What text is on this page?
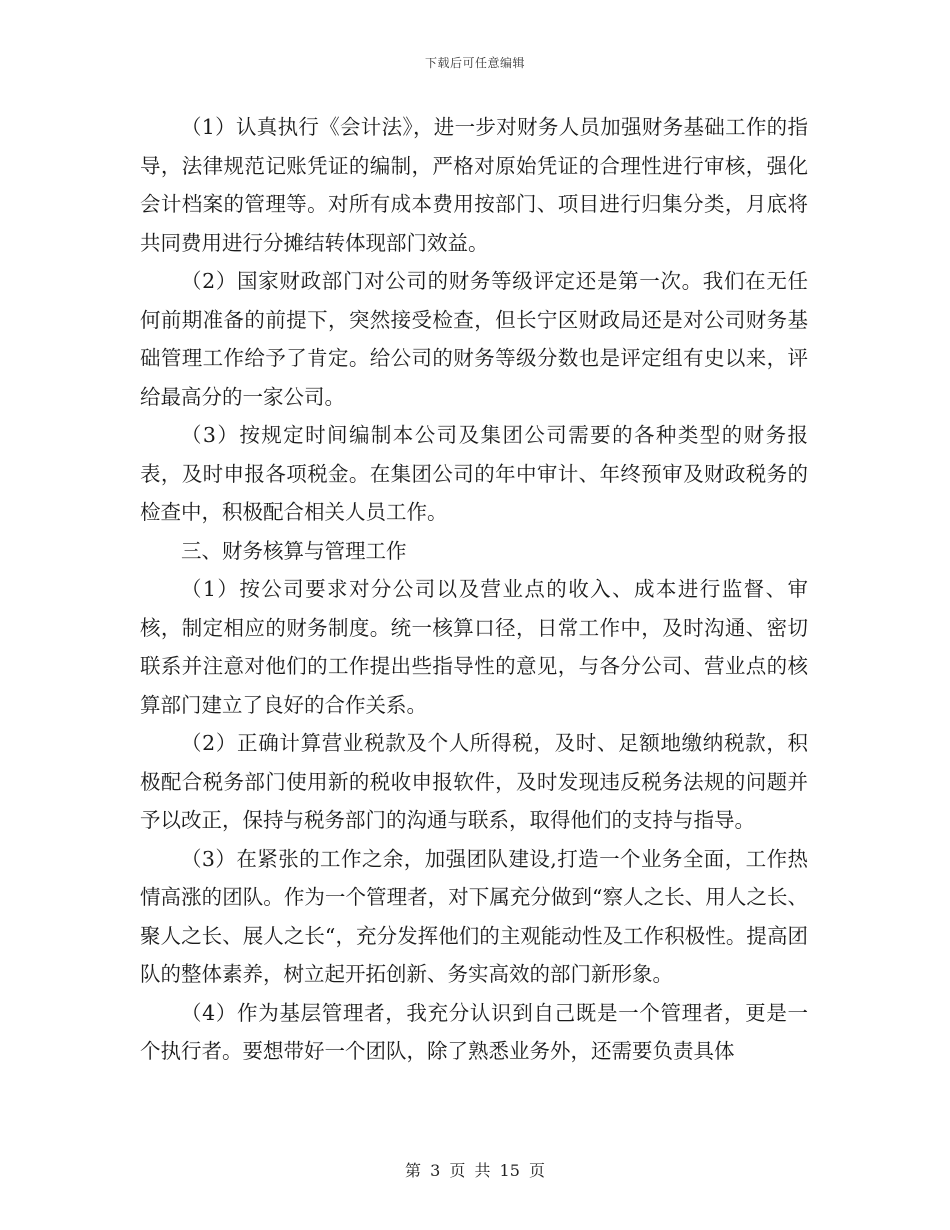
下载后可任意编辑

（1）认真执行《会计法》，进一步对财务人员加强财务基础工作的指导，法律规范记账凭证的编制，严格对原始凭证的合理性进行审核，强化会计档案的管理等。对所有成本费用按部门、项目进行归集分类，月底将共同费用进行分摊结转体现部门效益。

（2）国家财政部门对公司的财务等级评定还是第一次。我们在无任何前期准备的前提下，突然接受检查，但长宁区财政局还是对公司财务基础管理工作给予了肯定。给公司的财务等级分数也是评定组有史以来，评给最高分的一家公司。

（3）按规定时间编制本公司及集团公司需要的各种类型的财务报表，及时申报各项税金。在集团公司的年中审计、年终预审及财政税务的检查中，积极配合相关人员工作。

三、财务核算与管理工作

（1）按公司要求对分公司以及营业点的收入、成本进行监督、审核，制定相应的财务制度。统一核算口径，日常工作中，及时沟通、密切联系并注意对他们的工作提出些指导性的意见，与各分公司、营业点的核算部门建立了良好的合作关系。

（2）正确计算营业税款及个人所得税，及时、足额地缴纳税款，积极配合税务部门使用新的税收申报软件，及时发现违反税务法规的问题并予以改正，保持与税务部门的沟通与联系，取得他们的支持与指导。

（3）在紧张的工作之余，加强团队建设,打造一个业务全面，工作热情高涨的团队。作为一个管理者，对下属充分做到“察人之长、用人之长、聚人之长、展人之长“，充分发挥他们的主观能动性及工作积极性。提高团队的整体素养，树立起开拓创新、务实高效的部门新形象。

（4）作为基层管理者，我充分认识到自己既是一个管理者，更是一个执行者。要想带好一个团队，除了熟悉业务外，还需要负责具体

第 3 页 共 15 页
